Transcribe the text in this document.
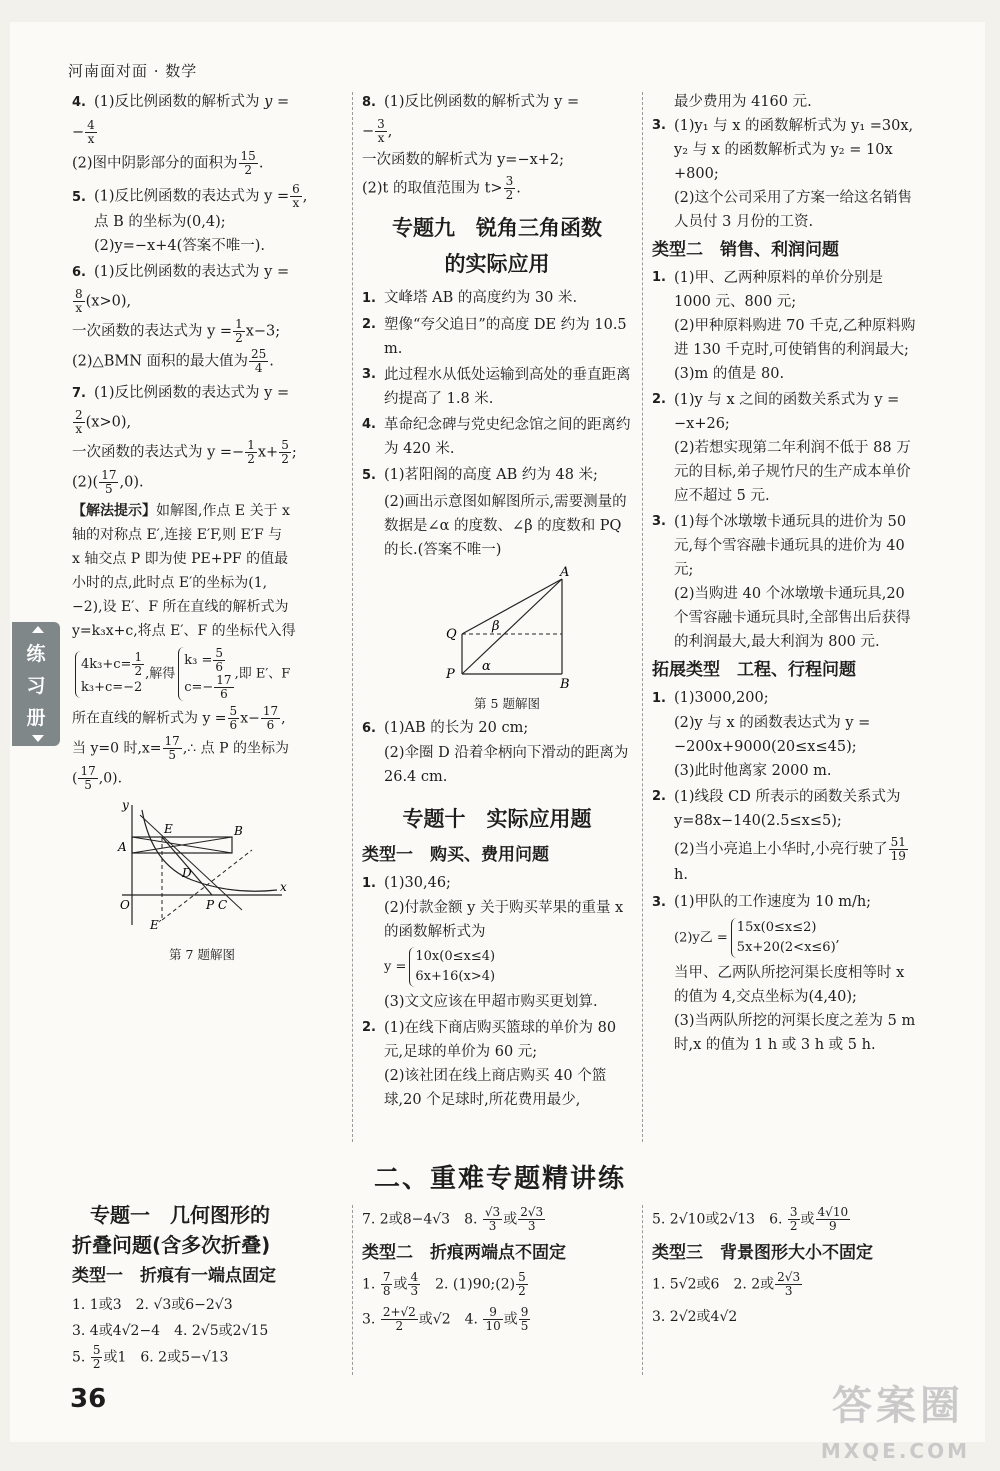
河南面对面 · 数学
练
习
册
4. (1)反比例函数的解析式为 y =
− $\frac{4}{x}$
(2)图中阴影部分的面积为 $\frac{15}{2}$ .
5. (1)反比例函数的表达式为 $y = \frac{6}{x}$ ,
点 B 的坐标为(0,4);
(2)y=−x+4(答案不唯一).
6. (1)反比例函数的表达式为 y =
$\frac{8}{x} (x>0)$,
一次函数的表达式为 $y = \frac{1}{2} x-3$;
(2)△BMN 面积的最大值为 $\frac{25}{4}$ .
7. (1)反比例函数的表达式为 y =
$\frac{2}{x} (x>0)$,
一次函数的表达式为 $y =- \frac{1}{2} x+ \frac{5}{2}$ ;
$(2)( \frac{17}{5} ,0)$.
【解法提示】如解图,作点 E 关于 x
轴的对称点 E′,连接 E′F,则 E′F 与
x 轴交点 P 即为使 PE+PF 的值最
小时的点,此时点 E′的坐标为(1,
−2),设 E′、F 所在直线的解析式为
y=k₃x+c,将点 E′、F 的坐标代入得
$4k_3+c= \frac{1}{2}$
k₃+c=−2
,解得
$k_3 = \frac{5}{6}$
$c=- \frac{17}{6}$ ,即 E′、F
所在直线的解析式为 $y = \frac{5}{6} x- \frac{17}{6}$ ,
当 y=0 时$,x= \frac{17}{5}$ ,∴ 点 P 的坐标为
( $\frac{17}{5} ,0$).
y
x
A
E	B
D
P C
O
E′
第 7 题解图
8. (1)反比例函数的解析式为 y =
− $\frac{3}{x}$ ,
一次函数的解析式为 y=−x+2;
(2)t 的取值范围为 $t> \frac{3}{2}$ .
专题九　锐角三角函数
的实际应用
1. 文峰塔 AB 的高度约为 30 米.
2. 塑像“夸父追日”的高度 DE 约为 10.5 m.
3. 此过程水从低处运输到高处的垂直距离约提高了 1.8 米.
4. 革命纪念碑与党史纪念馆之间的距离约为 420 米.
5. (1)茗阳阁的高度 AB 约为 48 米;
(2)画出示意图如解图所示,需要测量的数据是∠α 的度数、∠β 的度数和 PQ 的长.(答案不唯一)
A
Q
P
B
β
α
第 5 题解图
6. (1)AB 的长为 20 cm;
(2)伞圈 D 沿着伞柄向下滑动的距离为 26.4 cm.
专题十　实际应用题
类型一　购买、费用问题
1. (1)30,46;
(2)付款金额 y 关于购买苹果的重量 x 的函数解析式为
y =
10x(0≤x≤4)
6x+16(x>4)
(3)文文应该在甲超市购买更划算.
2. (1)在线下商店购买篮球的单价为 80 元,足球的单价为 60 元;
(2)该社团在线上商店购买 40 个篮球,20 个足球时,所花费用最少,
最少费用为 4160 元.
3. (1)y₁ 与 x 的函数解析式为 y₁ =30x,
y₂ 与 x 的函数解析式为 y₂ = 10x +800;
(2)这个公司采用了方案一给这名销售人员付 3 月份的工资.
类型二　销售、利润问题
1. (1)甲、乙两种原料的单价分别是 1000 元、800 元;
(2)甲种原料购进 70 千克,乙种原料购进 130 千克时,可使销售的利润最大;
(3)m 的值是 80.
2. (1)y 与 x 之间的函数关系式为 y = −x+26;
(2)若想实现第二年利润不低于 88 万元的目标,弟子规竹尺的生产成本单价应不超过 5 元.
3. (1)每个冰墩墩卡通玩具的进价为 50 元,每个雪容融卡通玩具的进价为 40 元;
(2)当购进 40 个冰墩墩卡通玩具,20 个雪容融卡通玩具时,全部售出后获得的利润最大,最大利润为 800 元.
拓展类型　工程、行程问题
1. (1)3000,200;
(2)y 与 x 的函数表达式为 y = −200x+9000(20≤x≤45);
(3)此时他离家 2000 m.
2. (1)线段 CD 所表示的函数关系式为 y=88x−140(2.5≤x≤5);
(2)当小亮追上小华时,小亮行驶了 $\frac{51}{19}$
h.
3. (1)甲队的工作速度为 10 m/h;
(2)y乙 =
15x(0≤x≤2)
5x+20(2<x≤6)
,
当甲、乙两队所挖河渠长度相等时 x 的值为 4,交点坐标为(4,40);
(3)当两队所挖的河渠长度之差为 5 m 时,x 的值为 1 h 或 3 h 或 5 h.
二、重难专题精讲练
专题一　几何图形的
折叠问题(含多次折叠)
类型一　折痕有一端点固定
1. 1或3　2. √3或6−2√3
3. 4或4√2−4　4. 2√5或2√15
5. $\frac{5}{2}$ 或1　6. 2或5−√13
7. 2或8−4√3　8. $\frac{√3}{3}$ 或 $\frac{2√3}{3}$
类型二　折痕两端点不固定
1. $\frac{7}{8}$ 或 $\frac{4}{3}$ 　2. (1)90;(2) $\frac{5}{2}$
3. $\frac{2+√2}{2}$ 或√2　4. $\frac{9}{10}$ 或 $\frac{9}{5}$
5. 2√10或2√13　6. $\frac{3}{2}$ 或 $\frac{4√10}{9}$
类型三　背景图形大小不固定
1. 5√2或6　2. 2或 $\frac{2√3}{3}$
3. 2√2或4√2
36	答案圈
MXQE.COM
